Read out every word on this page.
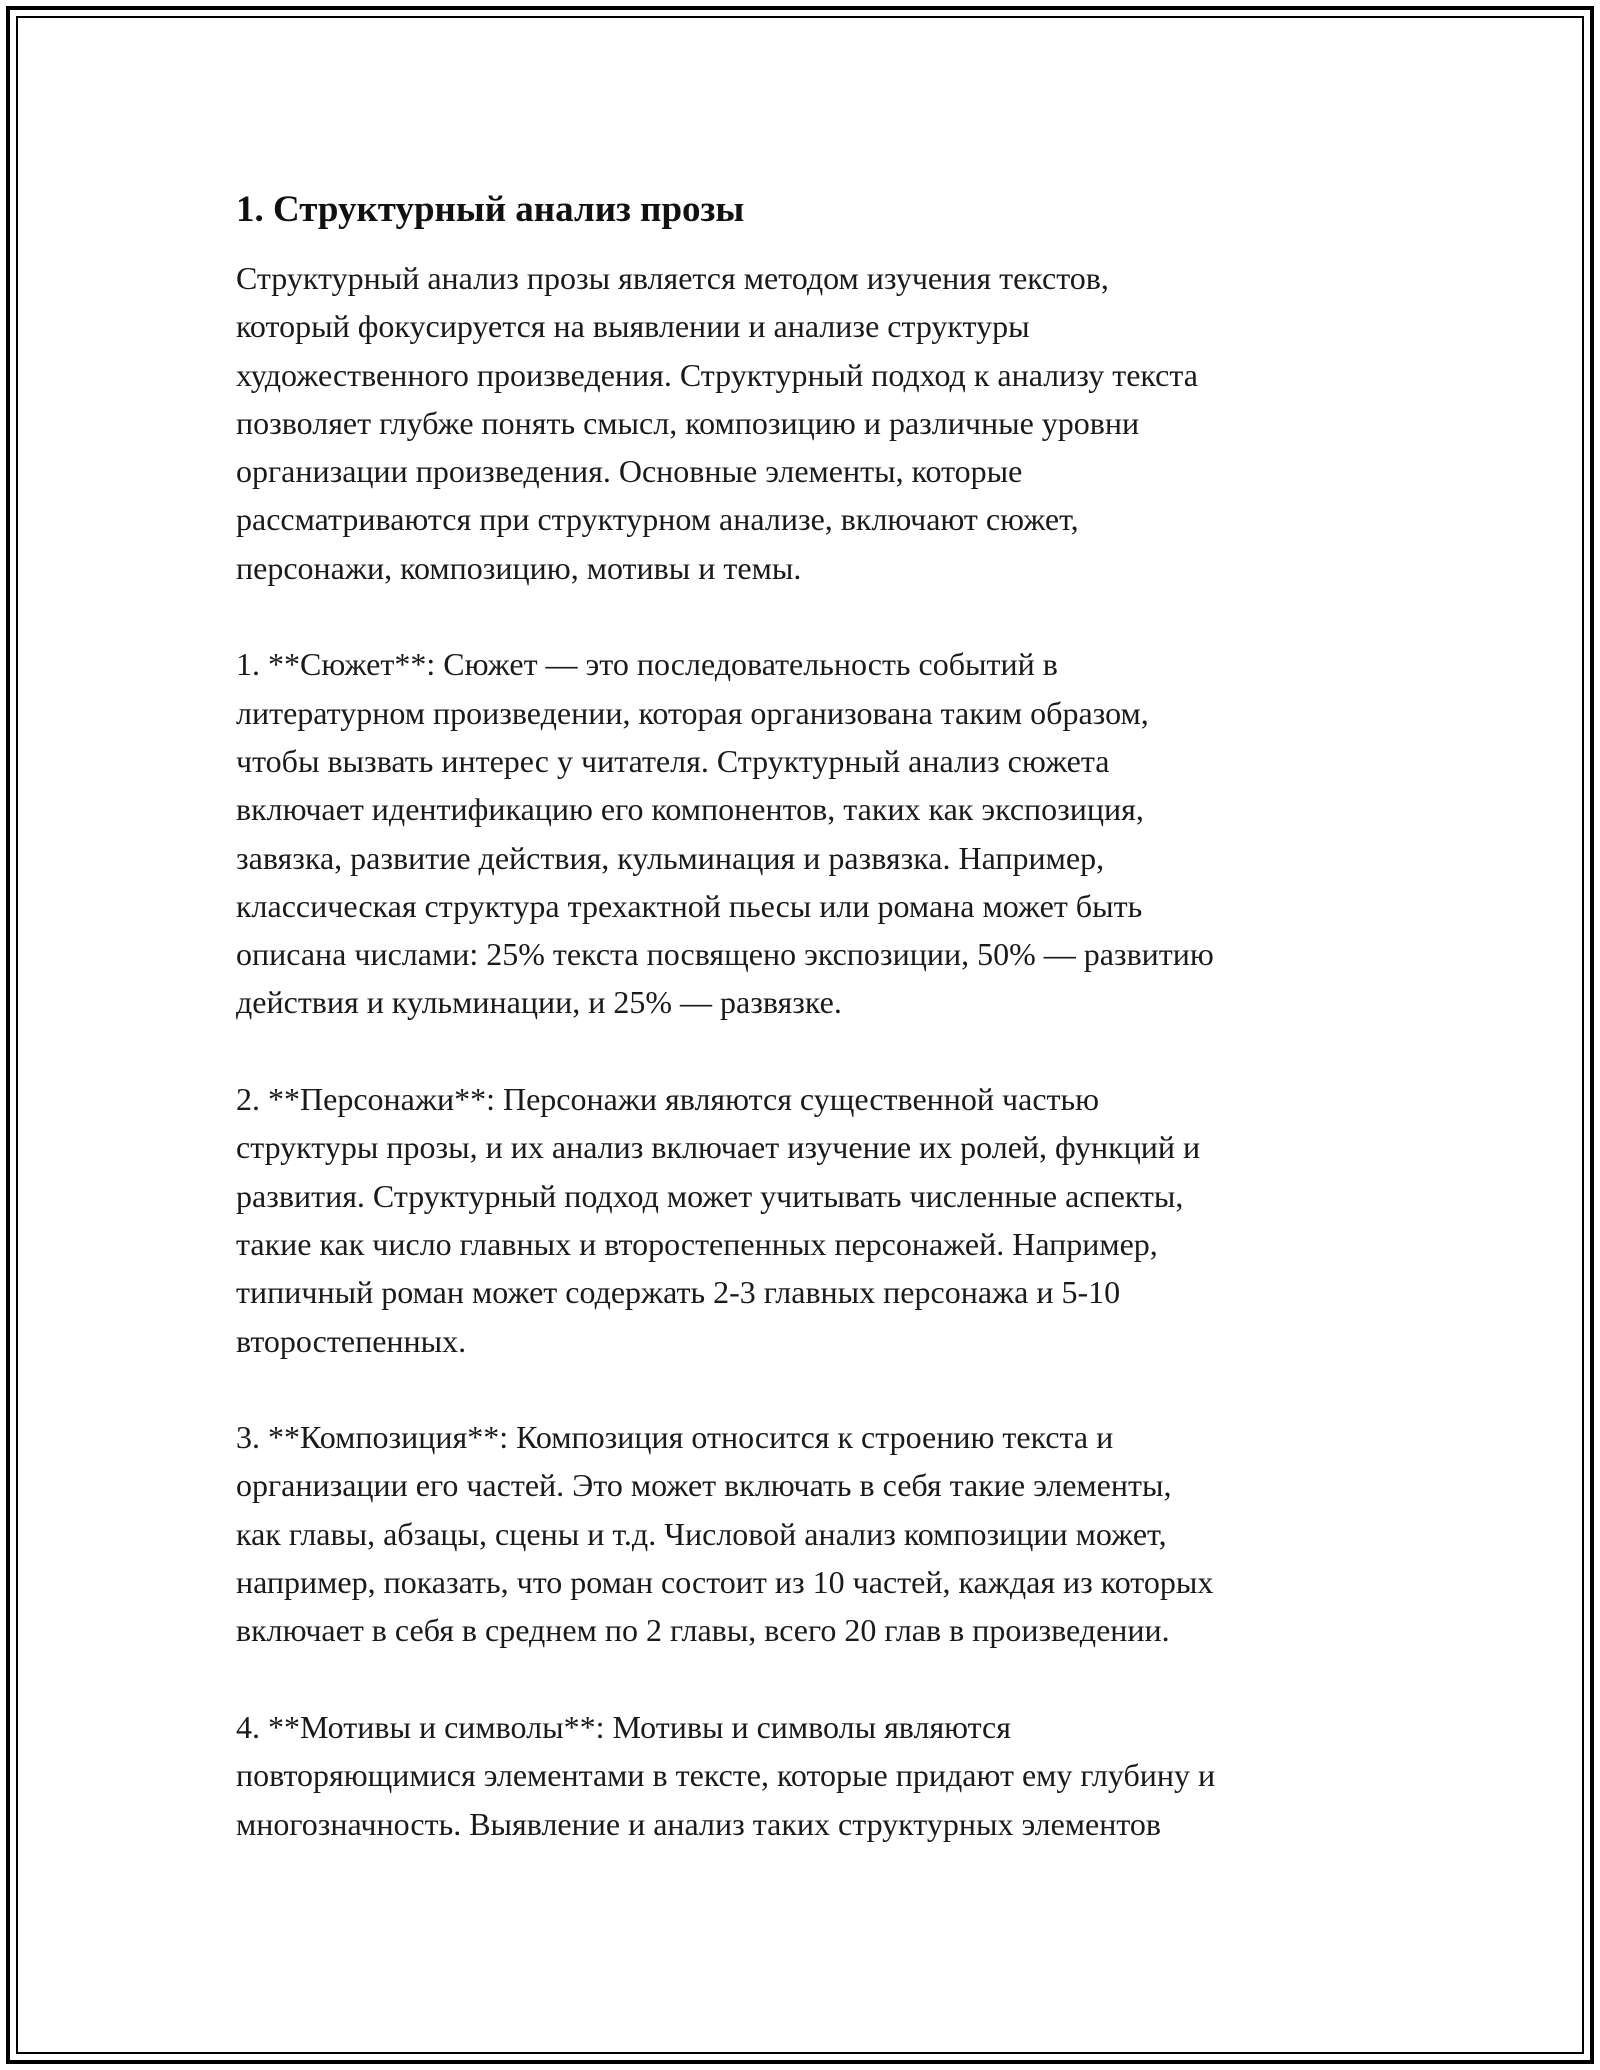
1. Структурный анализ прозы
Структурный анализ прозы является методом изучения текстов,
который фокусируется на выявлении и анализе структуры
художественного произведения. Структурный подход к анализу текста
позволяет глубже понять смысл, композицию и различные уровни
организации произведения. Основные элементы, которые
рассматриваются при структурном анализе, включают сюжет,
персонажи, композицию, мотивы и темы.
1. **Сюжет**: Сюжет — это последовательность событий в
литературном произведении, которая организована таким образом,
чтобы вызвать интерес у читателя. Структурный анализ сюжета
включает идентификацию его компонентов, таких как экспозиция,
завязка, развитие действия, кульминация и развязка. Например,
классическая структура трехактной пьесы или романа может быть
описана числами: 25% текста посвящено экспозиции, 50% — развитию
действия и кульминации, и 25% — развязке.
2. **Персонажи**: Персонажи являются существенной частью
структуры прозы, и их анализ включает изучение их ролей, функций и
развития. Структурный подход может учитывать численные аспекты,
такие как число главных и второстепенных персонажей. Например,
типичный роман может содержать 2-3 главных персонажа и 5-10
второстепенных.
3. **Композиция**: Композиция относится к строению текста и
организации его частей. Это может включать в себя такие элементы,
как главы, абзацы, сцены и т.д. Числовой анализ композиции может,
например, показать, что роман состоит из 10 частей, каждая из которых
включает в себя в среднем по 2 главы, всего 20 глав в произведении.
4. **Мотивы и символы**: Мотивы и символы являются
повторяющимися элементами в тексте, которые придают ему глубину и
многозначность. Выявление и анализ таких структурных элементов
